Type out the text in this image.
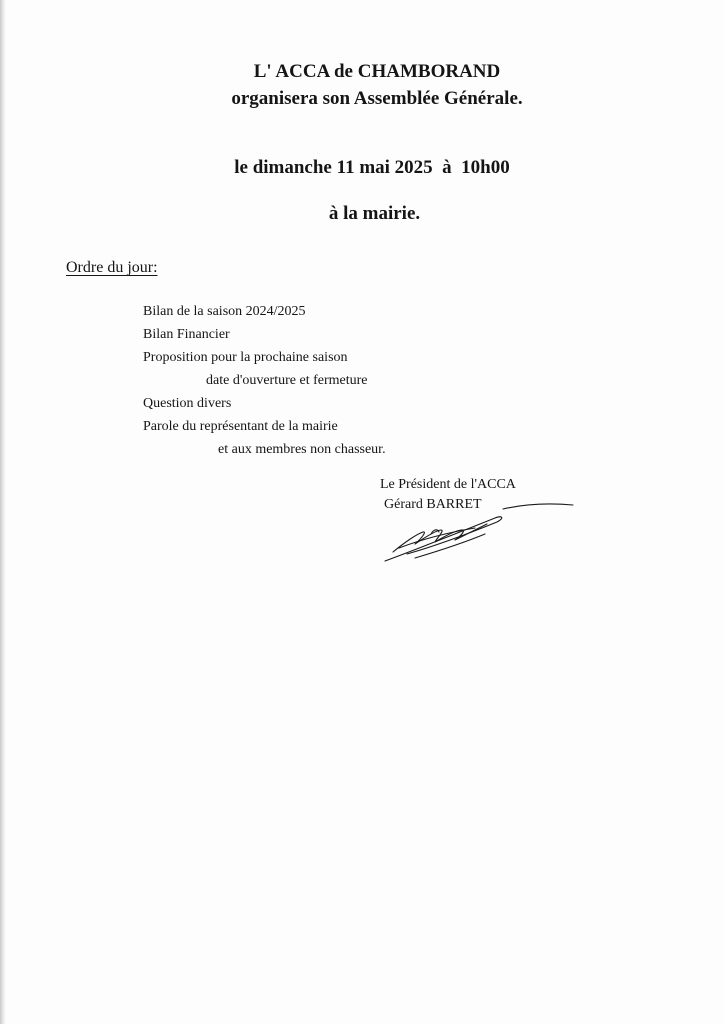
L' ACCA de CHAMBORAND

organisera son Assemblée Générale.

le dimanche 11 mai 2025  à  10h00
à la mairie.
Ordre du jour:
Bilan de la saison 2024/2025
Bilan Financier
Proposition pour la prochaine saison
date d'ouverture et fermeture
Question divers
Parole du représentant de la mairie
et aux membres non chasseur.
Le Président de l'ACCA
Gérard BARRET
